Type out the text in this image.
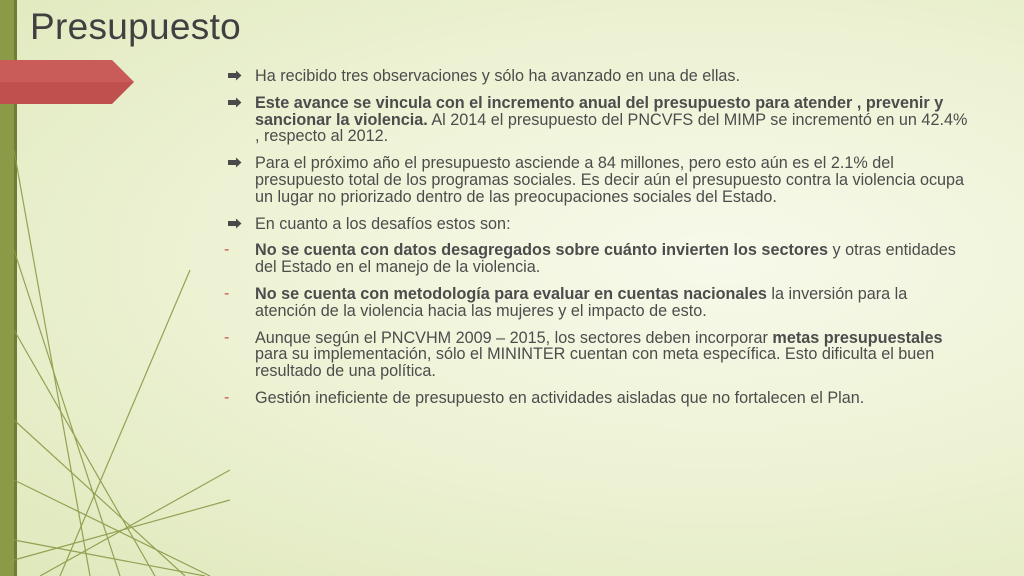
Presupuesto
Ha recibido tres observaciones y sólo ha avanzado en una de ellas.
Este avance se vincula con el incremento anual del presupuesto para atender , prevenir y sancionar la violencia. Al 2014 el presupuesto del PNCVFS del MIMP se incrementó en un 42.4% , respecto al 2012.
Para el próximo año el presupuesto asciende a 84 millones, pero esto aún es el 2.1% del presupuesto total de los programas sociales. Es decir aún el presupuesto contra la violencia ocupa un lugar no priorizado dentro de las preocupaciones sociales del Estado.
En cuanto a los desafíos estos son:
- No se cuenta con datos desagregados sobre cuánto invierten los sectores y otras entidades del Estado en el manejo de la violencia.
- No se cuenta con metodología para evaluar en cuentas nacionales la inversión para la atención de la violencia hacia las mujeres y el impacto de esto.
- Aunque según el PNCVHM 2009 – 2015, los sectores deben incorporar metas presupuestales para su implementación, sólo el MININTER cuentan con meta específica. Esto dificulta el buen resultado de una política.
- Gestión ineficiente de presupuesto en actividades aisladas que no fortalecen el Plan.
